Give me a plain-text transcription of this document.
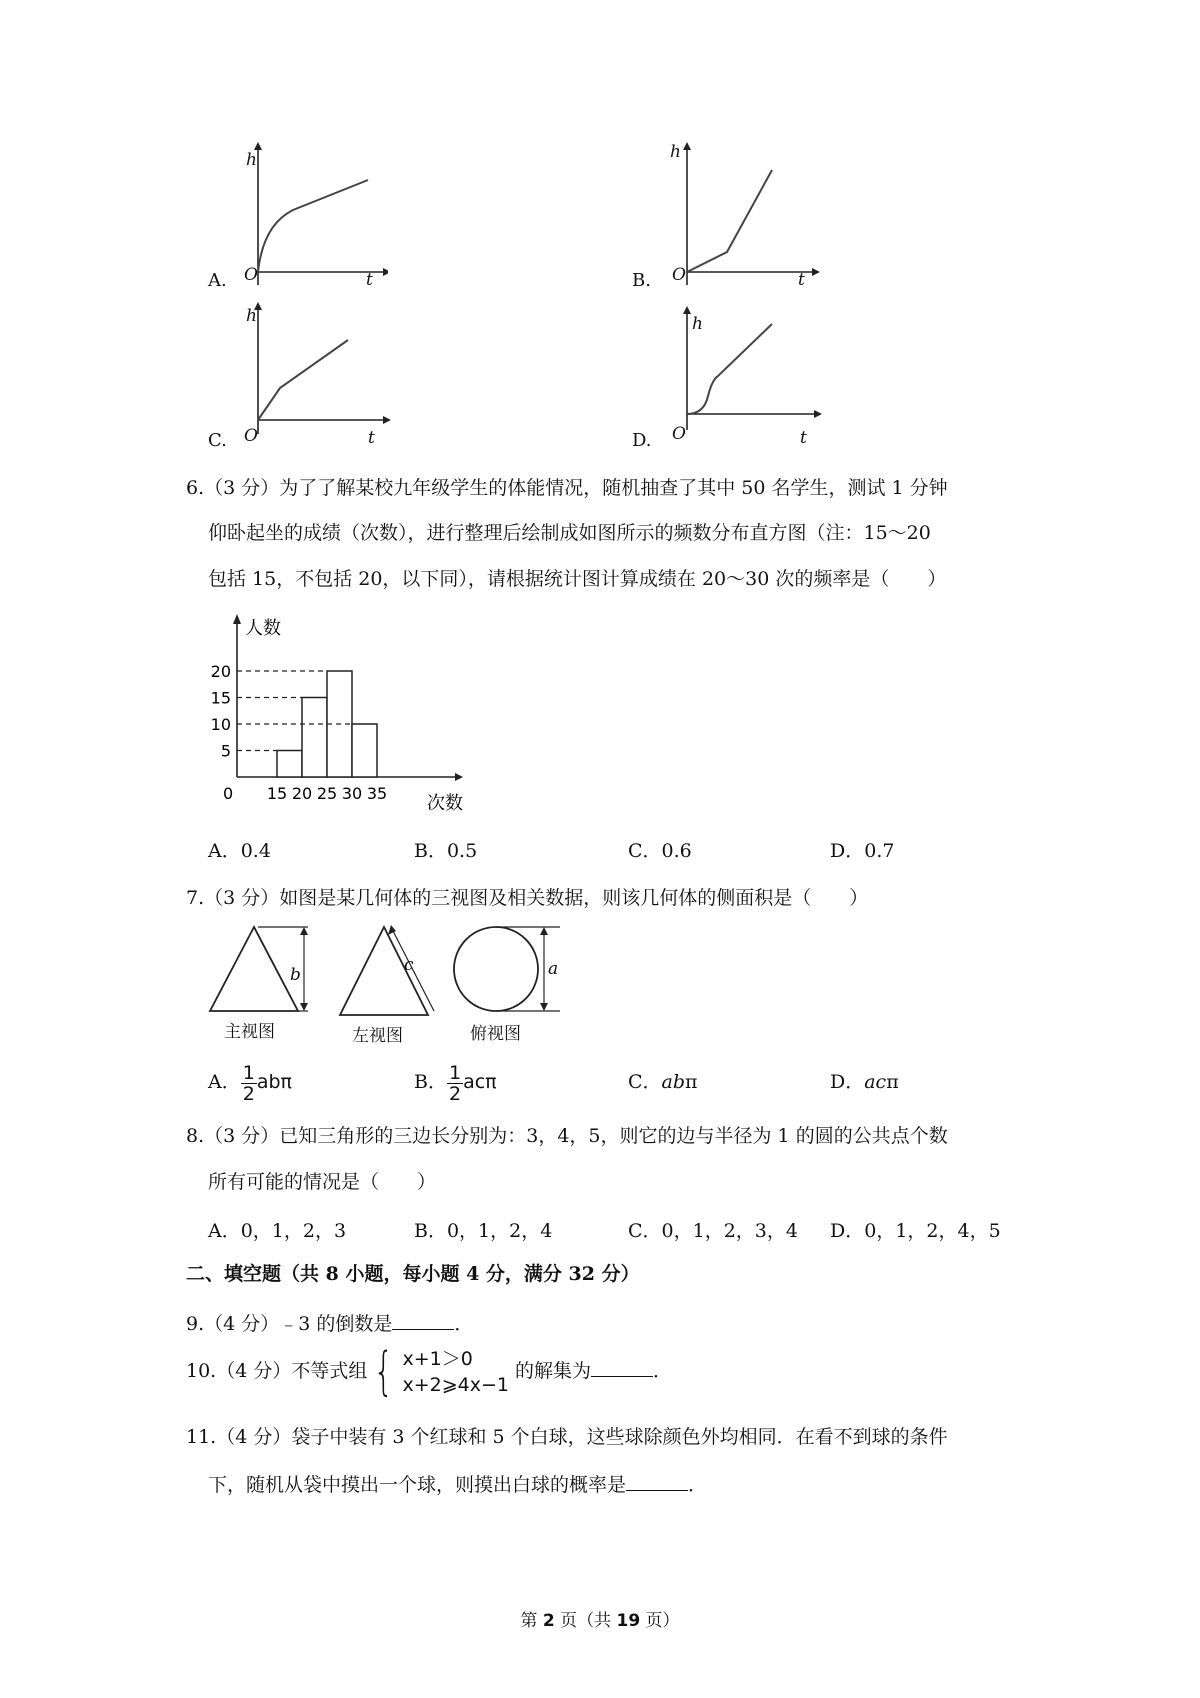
A.
h
O	t	B.
h
O	t
C.
h
O	t	D.
h
O	t
6.（3 分）为了了解某校九年级学生的体能情况，随机抽查了其中 50 名学生，测试 1 分钟
仰卧起坐的成绩（次数），进行整理后绘制成如图所示的频数分布直方图（注：15～20
包括 15，不包括 20，以下同），请根据统计图计算成绩在 20～30 次的频率是（　　）
5
10
15
20
15 20 25 30 35
0
人数
次数
A．0.4	B．0.5	C．0.6	D．0.7
7.（3 分）如图是某几何体的三视图及相关数据，则该几何体的侧面积是（　　）
b	c	a
主视图	左视图	俯视图
A． $\frac{1}{2}$ abπ	B． $\frac{1}{2}$ acπ	C．abπ	D．acπ
8.（3 分）已知三角形的三边长分别为：3，4，5，则它的边与半径为 1 的圆的公共点个数
所有可能的情况是（　　）
A．0，1，2，3	B．0，1，2，4	C．0，1，2，3，4 D．0，1，2，4，5
二、填空题（共 8 小题，每小题 4 分，满分 32 分）
9.（4 分）﹣3 的倒数是	．
10.（4 分）不等式组 { x+1＞0
x+2⩾4x−1
的解集为	．
11.（4 分）袋子中装有 3 个红球和 5 个白球，这些球除颜色外均相同．在看不到球的条件
下，随机从袋中摸出一个球，则摸出白球的概率是	．
第 2 页（共 19 页）
